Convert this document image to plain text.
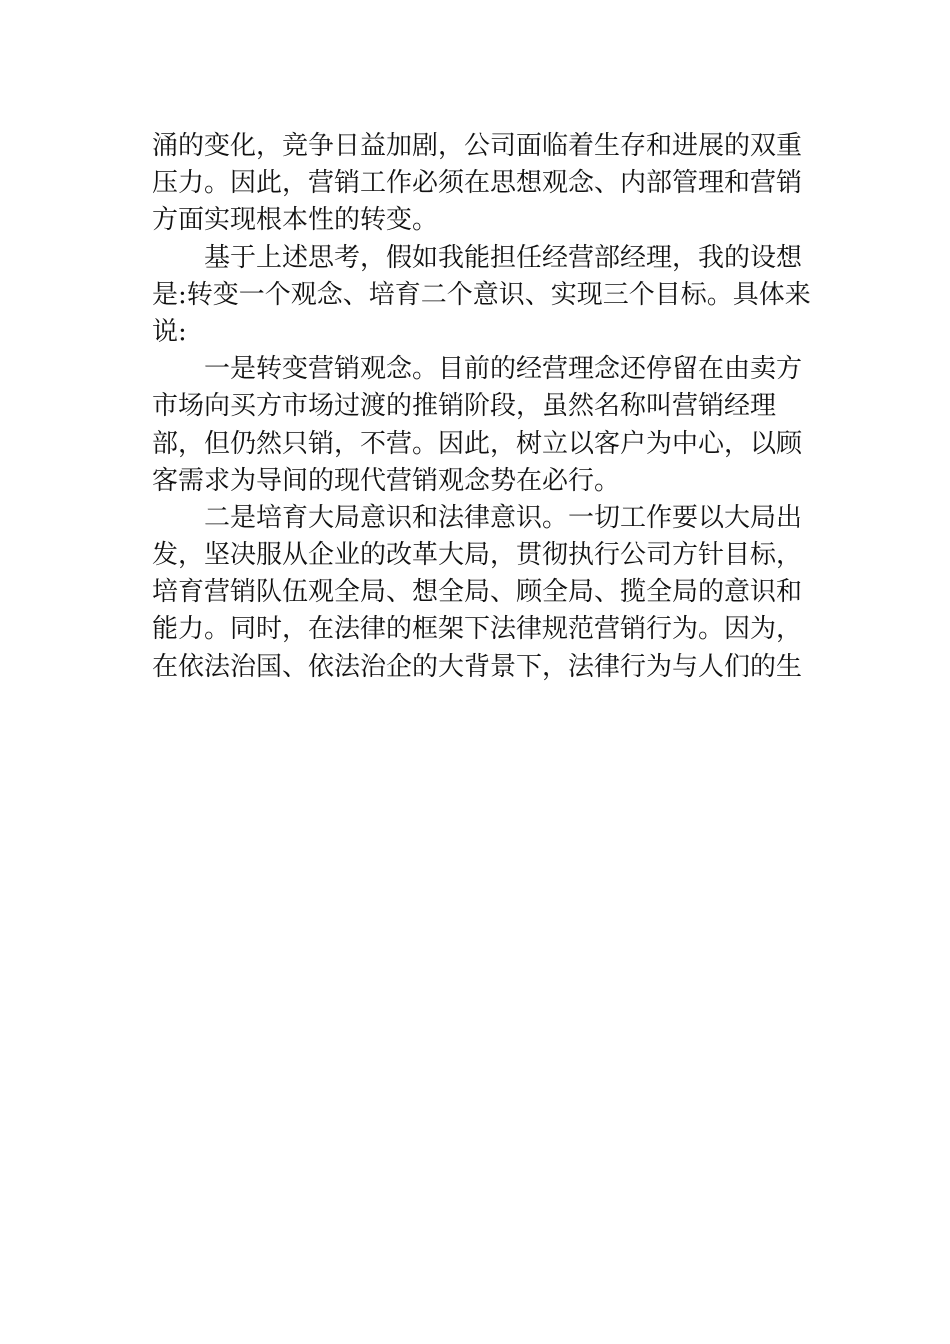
涌的变化，竞争日益加剧，公司面临着生存和进展的双重
压力。因此，营销工作必须在思想观念、内部管理和营销
方面实现根本性的转变。
基于上述思考，假如我能担任经营部经理，我的设想
是:转变一个观念、培育二个意识、实现三个目标。具体来
说:
一是转变营销观念。目前的经营理念还停留在由卖方
市场向买方市场过渡的推销阶段，虽然名称叫营销经理
部，但仍然只销，不营。因此，树立以客户为中心，以顾
客需求为导间的现代营销观念势在必行。
二是培育大局意识和法律意识。一切工作要以大局出
发，坚决服从企业的改革大局，贯彻执行公司方针目标，
培育营销队伍观全局、想全局、顾全局、揽全局的意识和
能力。同时，在法律的框架下法律规范营销行为。因为，
在依法治国、依法治企的大背景下，法律行为与人们的生
